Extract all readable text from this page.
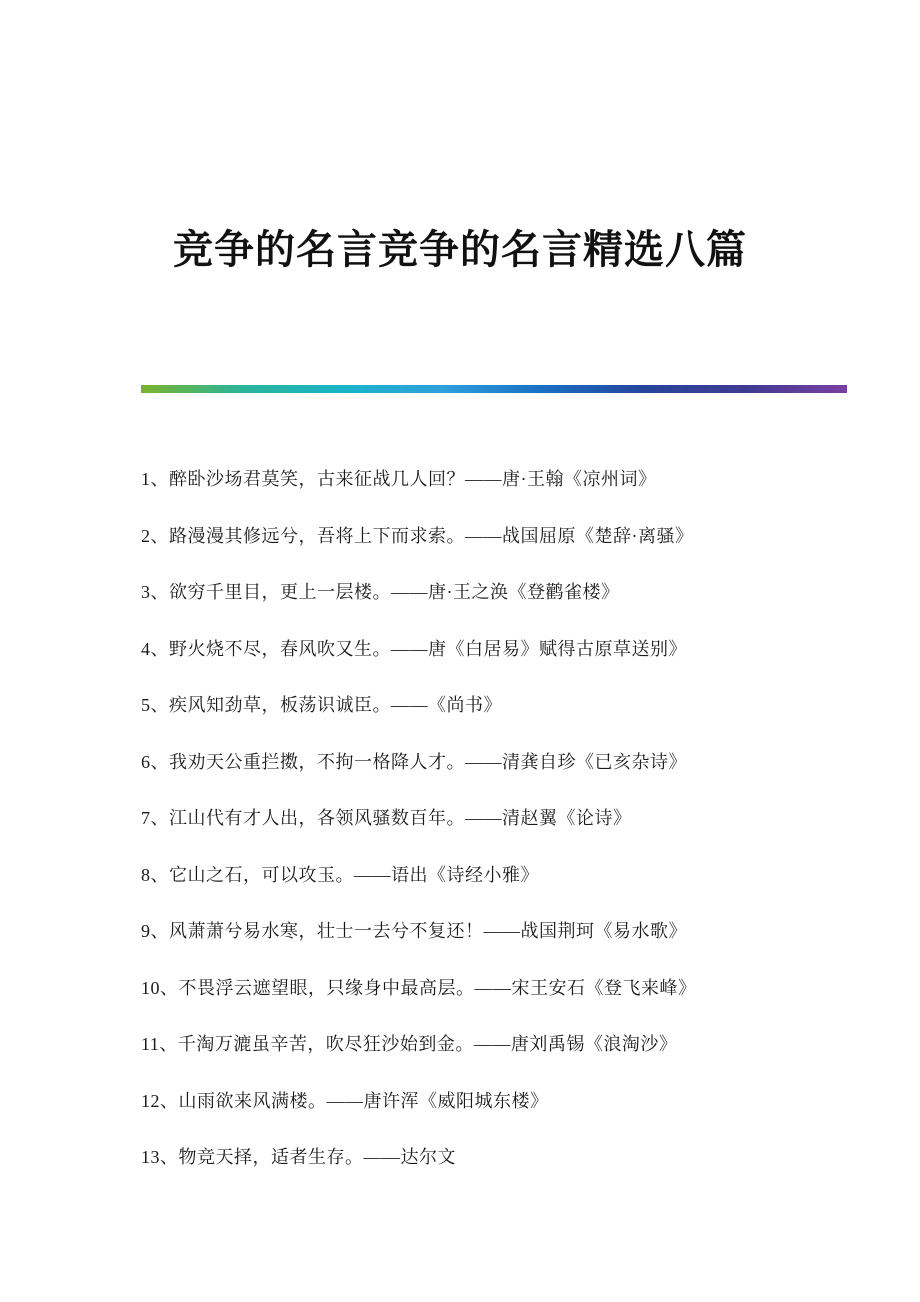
竞争的名言竞争的名言精选八篇

1、醉卧沙场君莫笑，古来征战几人回？——唐·王翰《凉州词》

2、路漫漫其修远兮，吾将上下而求索。——战国屈原《楚辞·离骚》

3、欲穷千里目，更上一层楼。——唐·王之涣《登鹳雀楼》

4、野火烧不尽，春风吹又生。——唐《白居易》赋得古原草送别》

5、疾风知劲草，板荡识诚臣。——《尚书》

6、我劝天公重拦擞，不拘一格降人才。——清龚自珍《已亥杂诗》

7、江山代有才人出，各领风骚数百年。——清赵翼《论诗》

8、它山之石，可以攻玉。——语出《诗经小雅》

9、风萧萧兮易水寒，壮士一去兮不复还！——战国荆珂《易水歌》

10、不畏浮云遮望眼，只缘身中最高层。——宋王安石《登飞来峰》

11、千淘万漉虽辛苦，吹尽狂沙始到金。——唐刘禹锡《浪淘沙》

12、山雨欲来风满楼。——唐许浑《威阳城东楼》

13、物竞天择，适者生存。——达尔文
